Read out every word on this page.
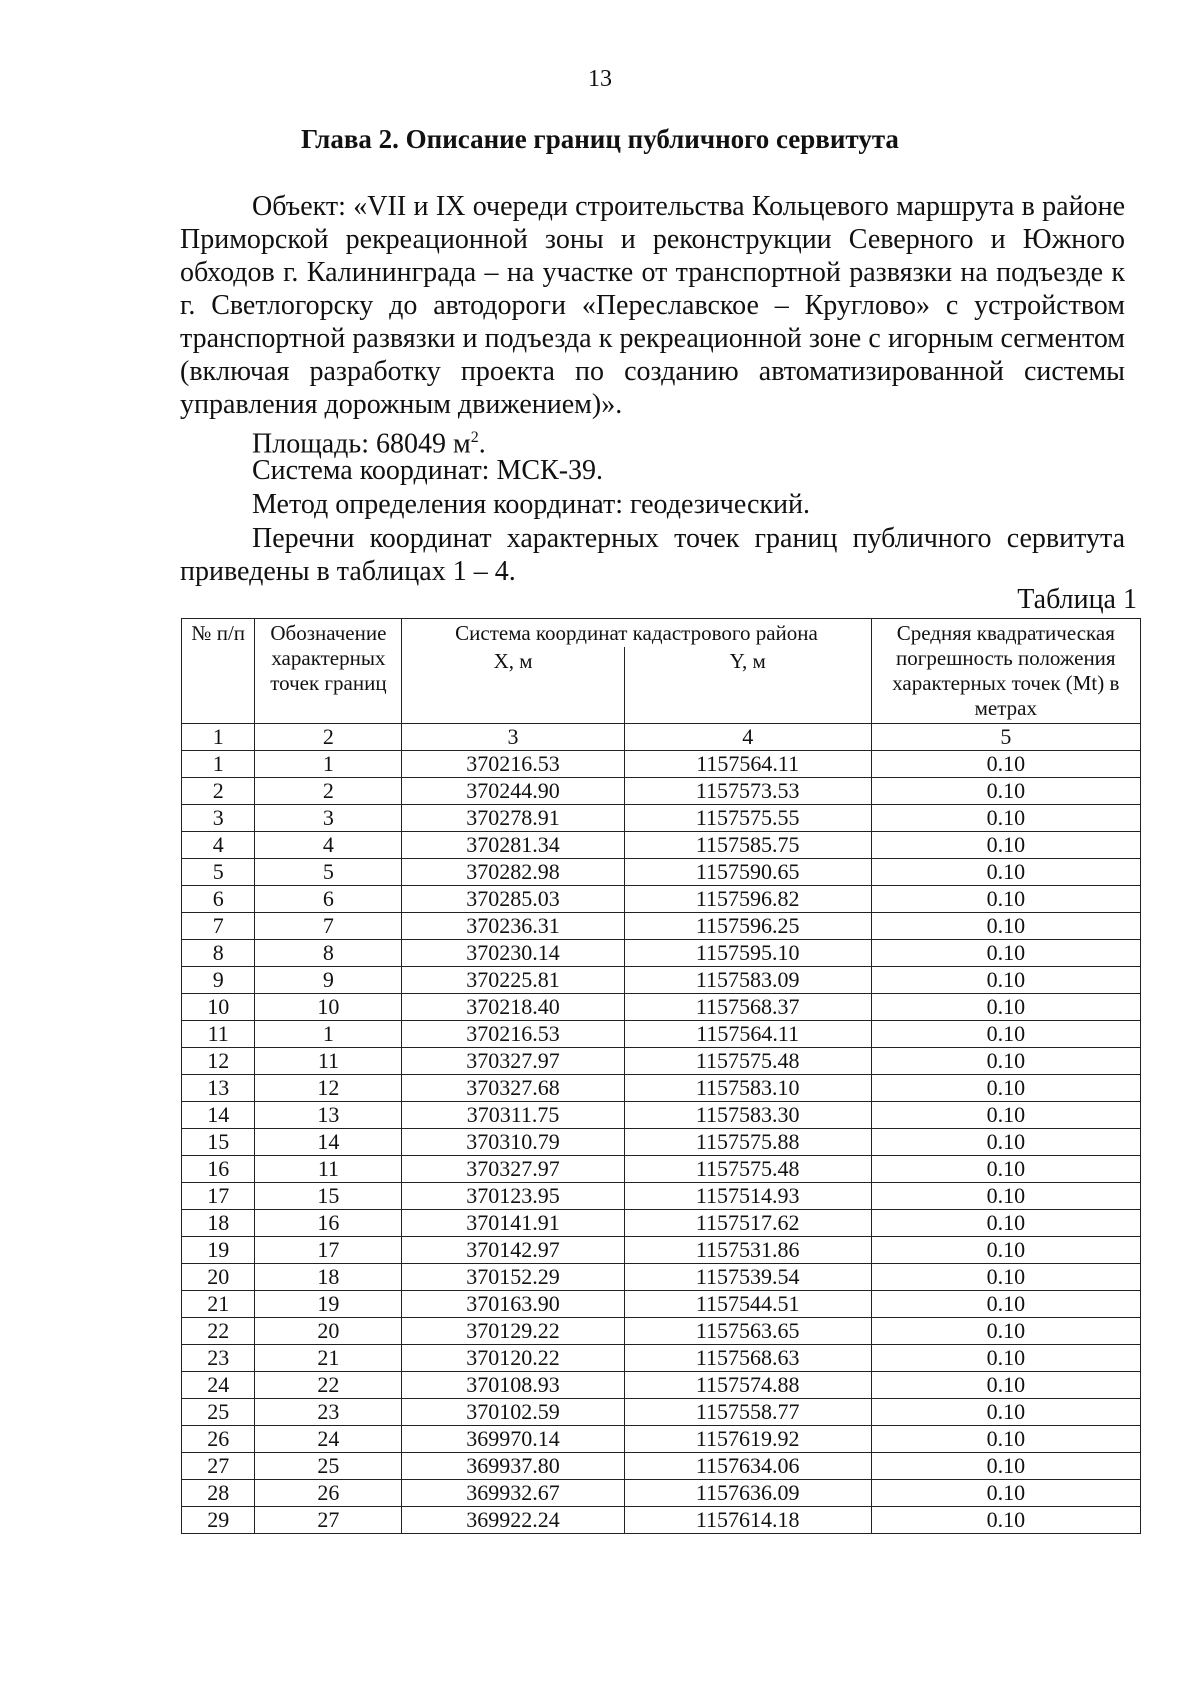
13
Глава 2. Описание границ публичного сервитута
Объект: «VII и IX очереди строительства Кольцевого маршрута в районе Приморской рекреационной зоны и реконструкции Северного и Южного обходов г. Калининграда – на участке от транспортной развязки на подъезде к г. Светлогорску до автодороги «Переславское – Круглово» с устройством транспортной развязки и подъезда к рекреационной зоне с игорным сегментом (включая разработку проекта по созданию автоматизированной системы управления дорожным движением)».
Площадь: 68049 $м^2$.
Система координат: МСК-39.
Метод определения координат: геодезический.
Перечни координат характерных точек границ публичного сервитута
приведены в таблицах 1 – 4.
Таблица 1
№ п/п	Обозначение характерных точек границ	Система координат кадастрового района		Средняя квадратическая погрешность положения характерных точек (Mt) в метрах
		X, м	Y, м	
1	2	3	4	5
1	1	370216.53	1157564.11	0.10
2	2	370244.90	1157573.53	0.10
3	3	370278.91	1157575.55	0.10
4	4	370281.34	1157585.75	0.10
5	5	370282.98	1157590.65	0.10
6	6	370285.03	1157596.82	0.10
7	7	370236.31	1157596.25	0.10
8	8	370230.14	1157595.10	0.10
9	9	370225.81	1157583.09	0.10
10	10	370218.40	1157568.37	0.10
11	1	370216.53	1157564.11	0.10
12	11	370327.97	1157575.48	0.10
13	12	370327.68	1157583.10	0.10
14	13	370311.75	1157583.30	0.10
15	14	370310.79	1157575.88	0.10
16	11	370327.97	1157575.48	0.10
17	15	370123.95	1157514.93	0.10
18	16	370141.91	1157517.62	0.10
19	17	370142.97	1157531.86	0.10
20	18	370152.29	1157539.54	0.10
21	19	370163.90	1157544.51	0.10
22	20	370129.22	1157563.65	0.10
23	21	370120.22	1157568.63	0.10
24	22	370108.93	1157574.88	0.10
25	23	370102.59	1157558.77	0.10
26	24	369970.14	1157619.92	0.10
27	25	369937.80	1157634.06	0.10
28	26	369932.67	1157636.09	0.10
29	27	369922.24	1157614.18	0.10
